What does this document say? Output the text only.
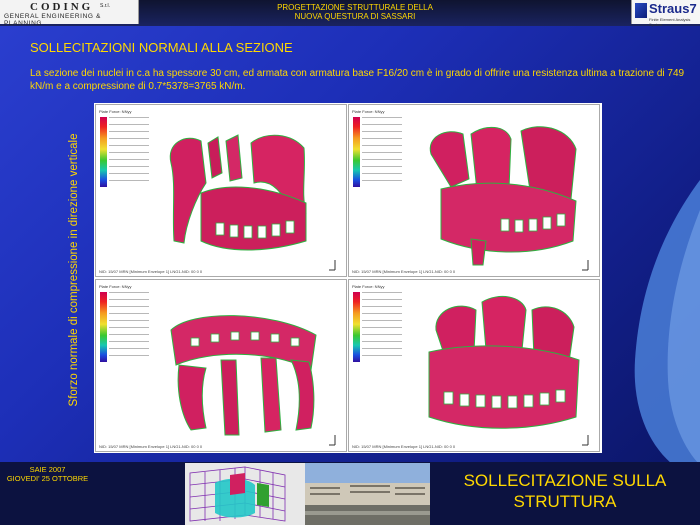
CODING S.r.l.
GENERAL ENGINEERING & PLANNING
PROGETTAZIONE STRUTTURALE DELLA
NUOVA QUESTURA DI SASSARI
Straus7
Finite Element Analysis System
SOLLECITAZIONI NORMALI ALLA SEZIONE
La sezione dei nuclei in c.a ha spessore 30 cm, ed armata con armatura base F16/20 cm è in grado di offrire una resistenza ultima a trazione di 749 kN/m e a compressione di 0.7*5378=3765 kN/m.
Sforzo normale di compressione in direzione verticale
Plate Force: NNyy
NID: 15/07 MRN [Minimum Envelope 1] LNG1-NID: 00 0 0
Plate Force: NNyy
NID: 15/07 MRN [Minimum Envelope 1] LNG1-NID: 00 0 0
Plate Force: NNyy
NID: 15/07 MRN [Minimum Envelope 1] LNG1-NID: 00 0 0
Plate Force: NNyy
NID: 15/07 MRN [Minimum Envelope 1] LNG1-NID: 00 0 0
SAIE 2007
GIOVEDI' 25 OTTOBRE	SOLLECITAZIONE SULLA STRUTTURA
